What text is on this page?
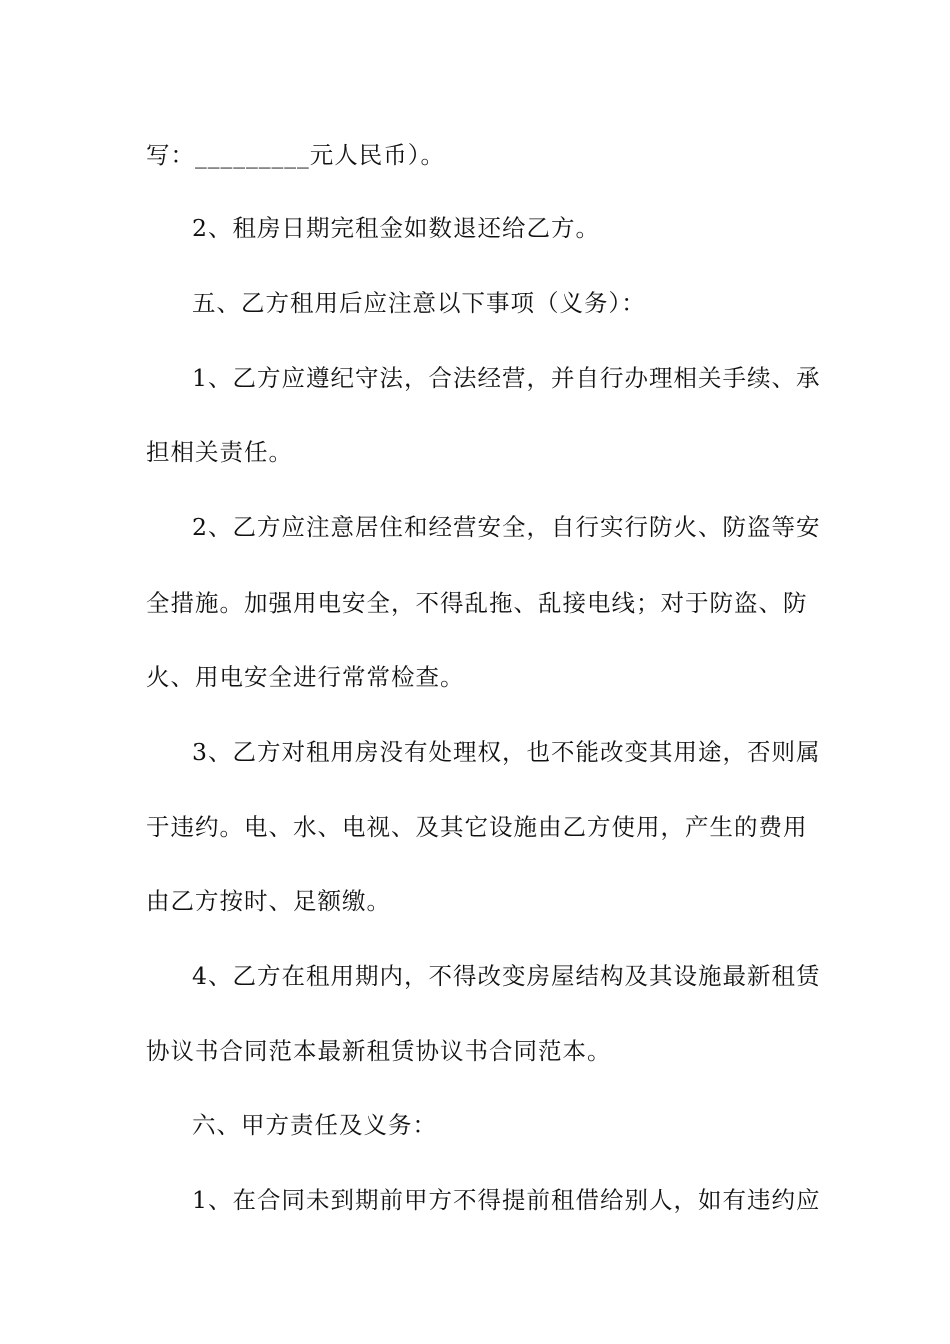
写：_________元人民币）。
2、租房日期完租金如数退还给乙方。
五、乙方租用后应注意以下事项（义务）：
1、乙方应遵纪守法，合法经营，并自行办理相关手续、承
担相关责任。
2、乙方应注意居住和经营安全，自行实行防火、防盗等安
全措施。加强用电安全，不得乱拖、乱接电线；对于防盗、防
火、用电安全进行常常检查。
3、乙方对租用房没有处理权，也不能改变其用途，否则属
于违约。电、水、电视、及其它设施由乙方使用，产生的费用
由乙方按时、足额缴。
4、乙方在租用期内，不得改变房屋结构及其设施最新租赁
协议书合同范本最新租赁协议书合同范本。
六、甲方责任及义务：
1、在合同未到期前甲方不得提前租借给别人，如有违约应
